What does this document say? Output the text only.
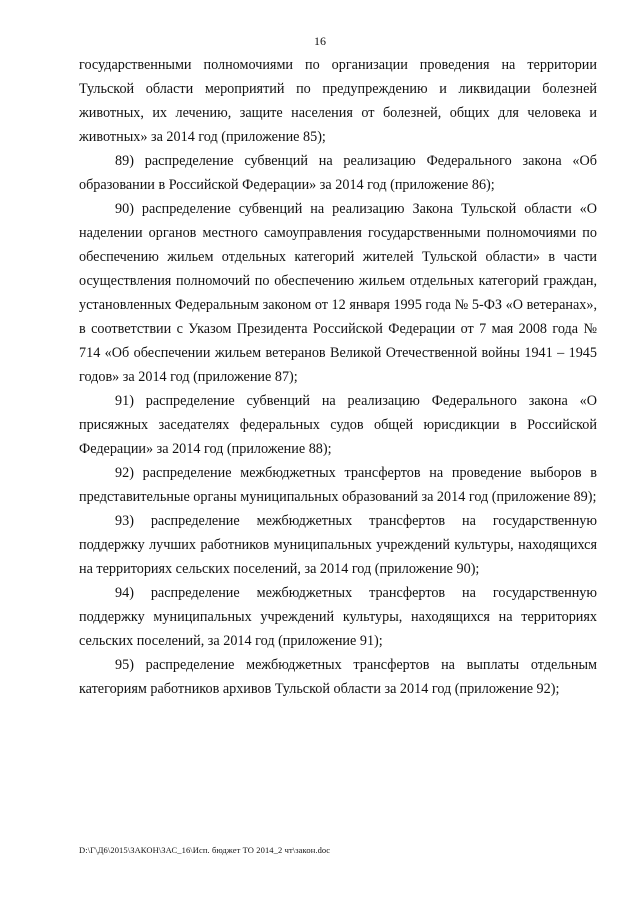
16

государственными полномочиями по организации проведения на территории Тульской области мероприятий по предупреждению и ликвидации болезней животных, их лечению, защите населения от болезней, общих для человека и животных» за 2014 год (приложение 85);

89) распределение субвенций на реализацию Федерального закона «Об образовании в Российской Федерации» за 2014 год (приложение 86);

90) распределение субвенций на реализацию Закона Тульской области «О наделении органов местного самоуправления государственными полномочиями по обеспечению жильем отдельных категорий жителей Тульской области» в части осуществления полномочий по обеспечению жильем отдельных категорий граждан, установленных Федеральным законом от 12 января 1995 года № 5-ФЗ «О ветеранах», в соответствии с Указом Президента Российской Федерации от 7 мая 2008 года № 714 «Об обеспечении жильем ветеранов Великой Отечественной войны 1941 – 1945 годов» за 2014 год (приложение 87);

91) распределение субвенций на реализацию Федерального закона «О присяжных заседателях федеральных судов общей юрисдикции в Российской Федерации» за 2014 год (приложение 88);

92) распределение межбюджетных трансфертов на проведение выборов в представительные органы муниципальных образований за 2014 год (приложение 89);

93) распределение межбюджетных трансфертов на государственную поддержку лучших работников муниципальных учреждений культуры, находящихся на территориях сельских поселений, за 2014 год (приложение 90);

94) распределение межбюджетных трансфертов на государственную поддержку муниципальных учреждений культуры, находящихся на территориях сельских поселений, за 2014 год (приложение 91);

95) распределение межбюджетных трансфертов на выплаты отдельным категориям работников архивов Тульской области за 2014 год (приложение 92);

D:\Г\Д6\2015\ЗАКОН\ЗАС_16\Исп. бюджет ТО 2014_2 чт\закон.doc
